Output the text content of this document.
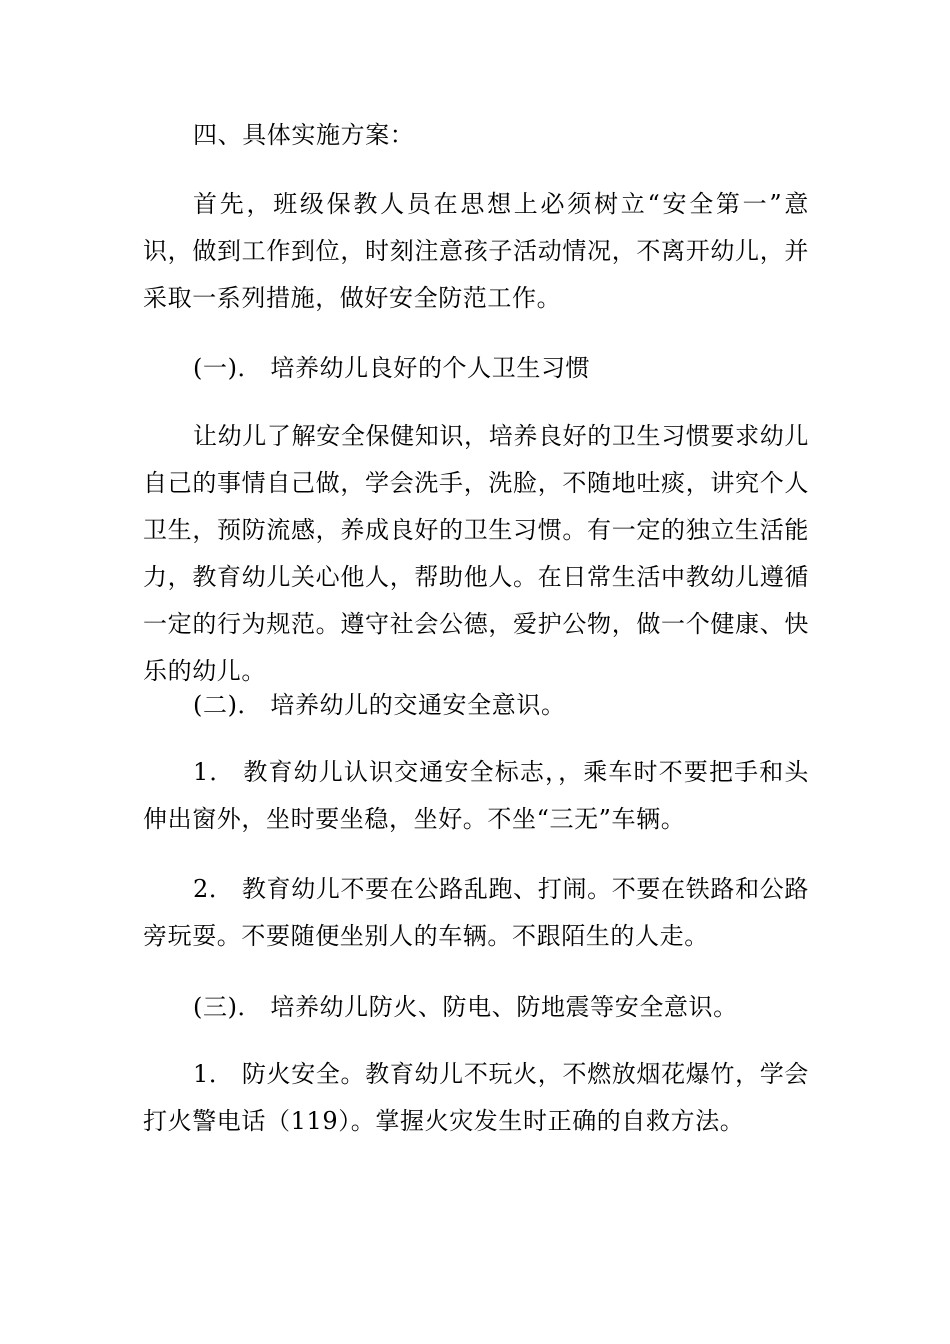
四、具体实施方案：

首先，班级保教人员在思想上必须树立“安全第一”意识，做到工作到位，时刻注意孩子活动情况，不离开幼儿，并采取一系列措施，做好安全防范工作。

(一)． 培养幼儿良好的个人卫生习惯

让幼儿了解安全保健知识，培养良好的卫生习惯要求幼儿自己的事情自己做，学会洗手，洗脸，不随地吐痰，讲究个人卫生，预防流感，养成良好的卫生习惯。有一定的独立生活能力，教育幼儿关心他人，帮助他人。在日常生活中教幼儿遵循一定的行为规范。遵守社会公德，爱护公物，做一个健康、快乐的幼儿。

(二)． 培养幼儿的交通安全意识。

1． 教育幼儿认识交通安全标志，，乘车时不要把手和头伸出窗外，坐时要坐稳，坐好。不坐“三无”车辆。

2． 教育幼儿不要在公路乱跑、打闹。不要在铁路和公路旁玩耍。不要随便坐别人的车辆。不跟陌生的人走。

(三)． 培养幼儿防火、防电、防地震等安全意识。

1． 防火安全。教育幼儿不玩火，不燃放烟花爆竹，学会打火警电话（119）。掌握火灾发生时正确的自救方法。
